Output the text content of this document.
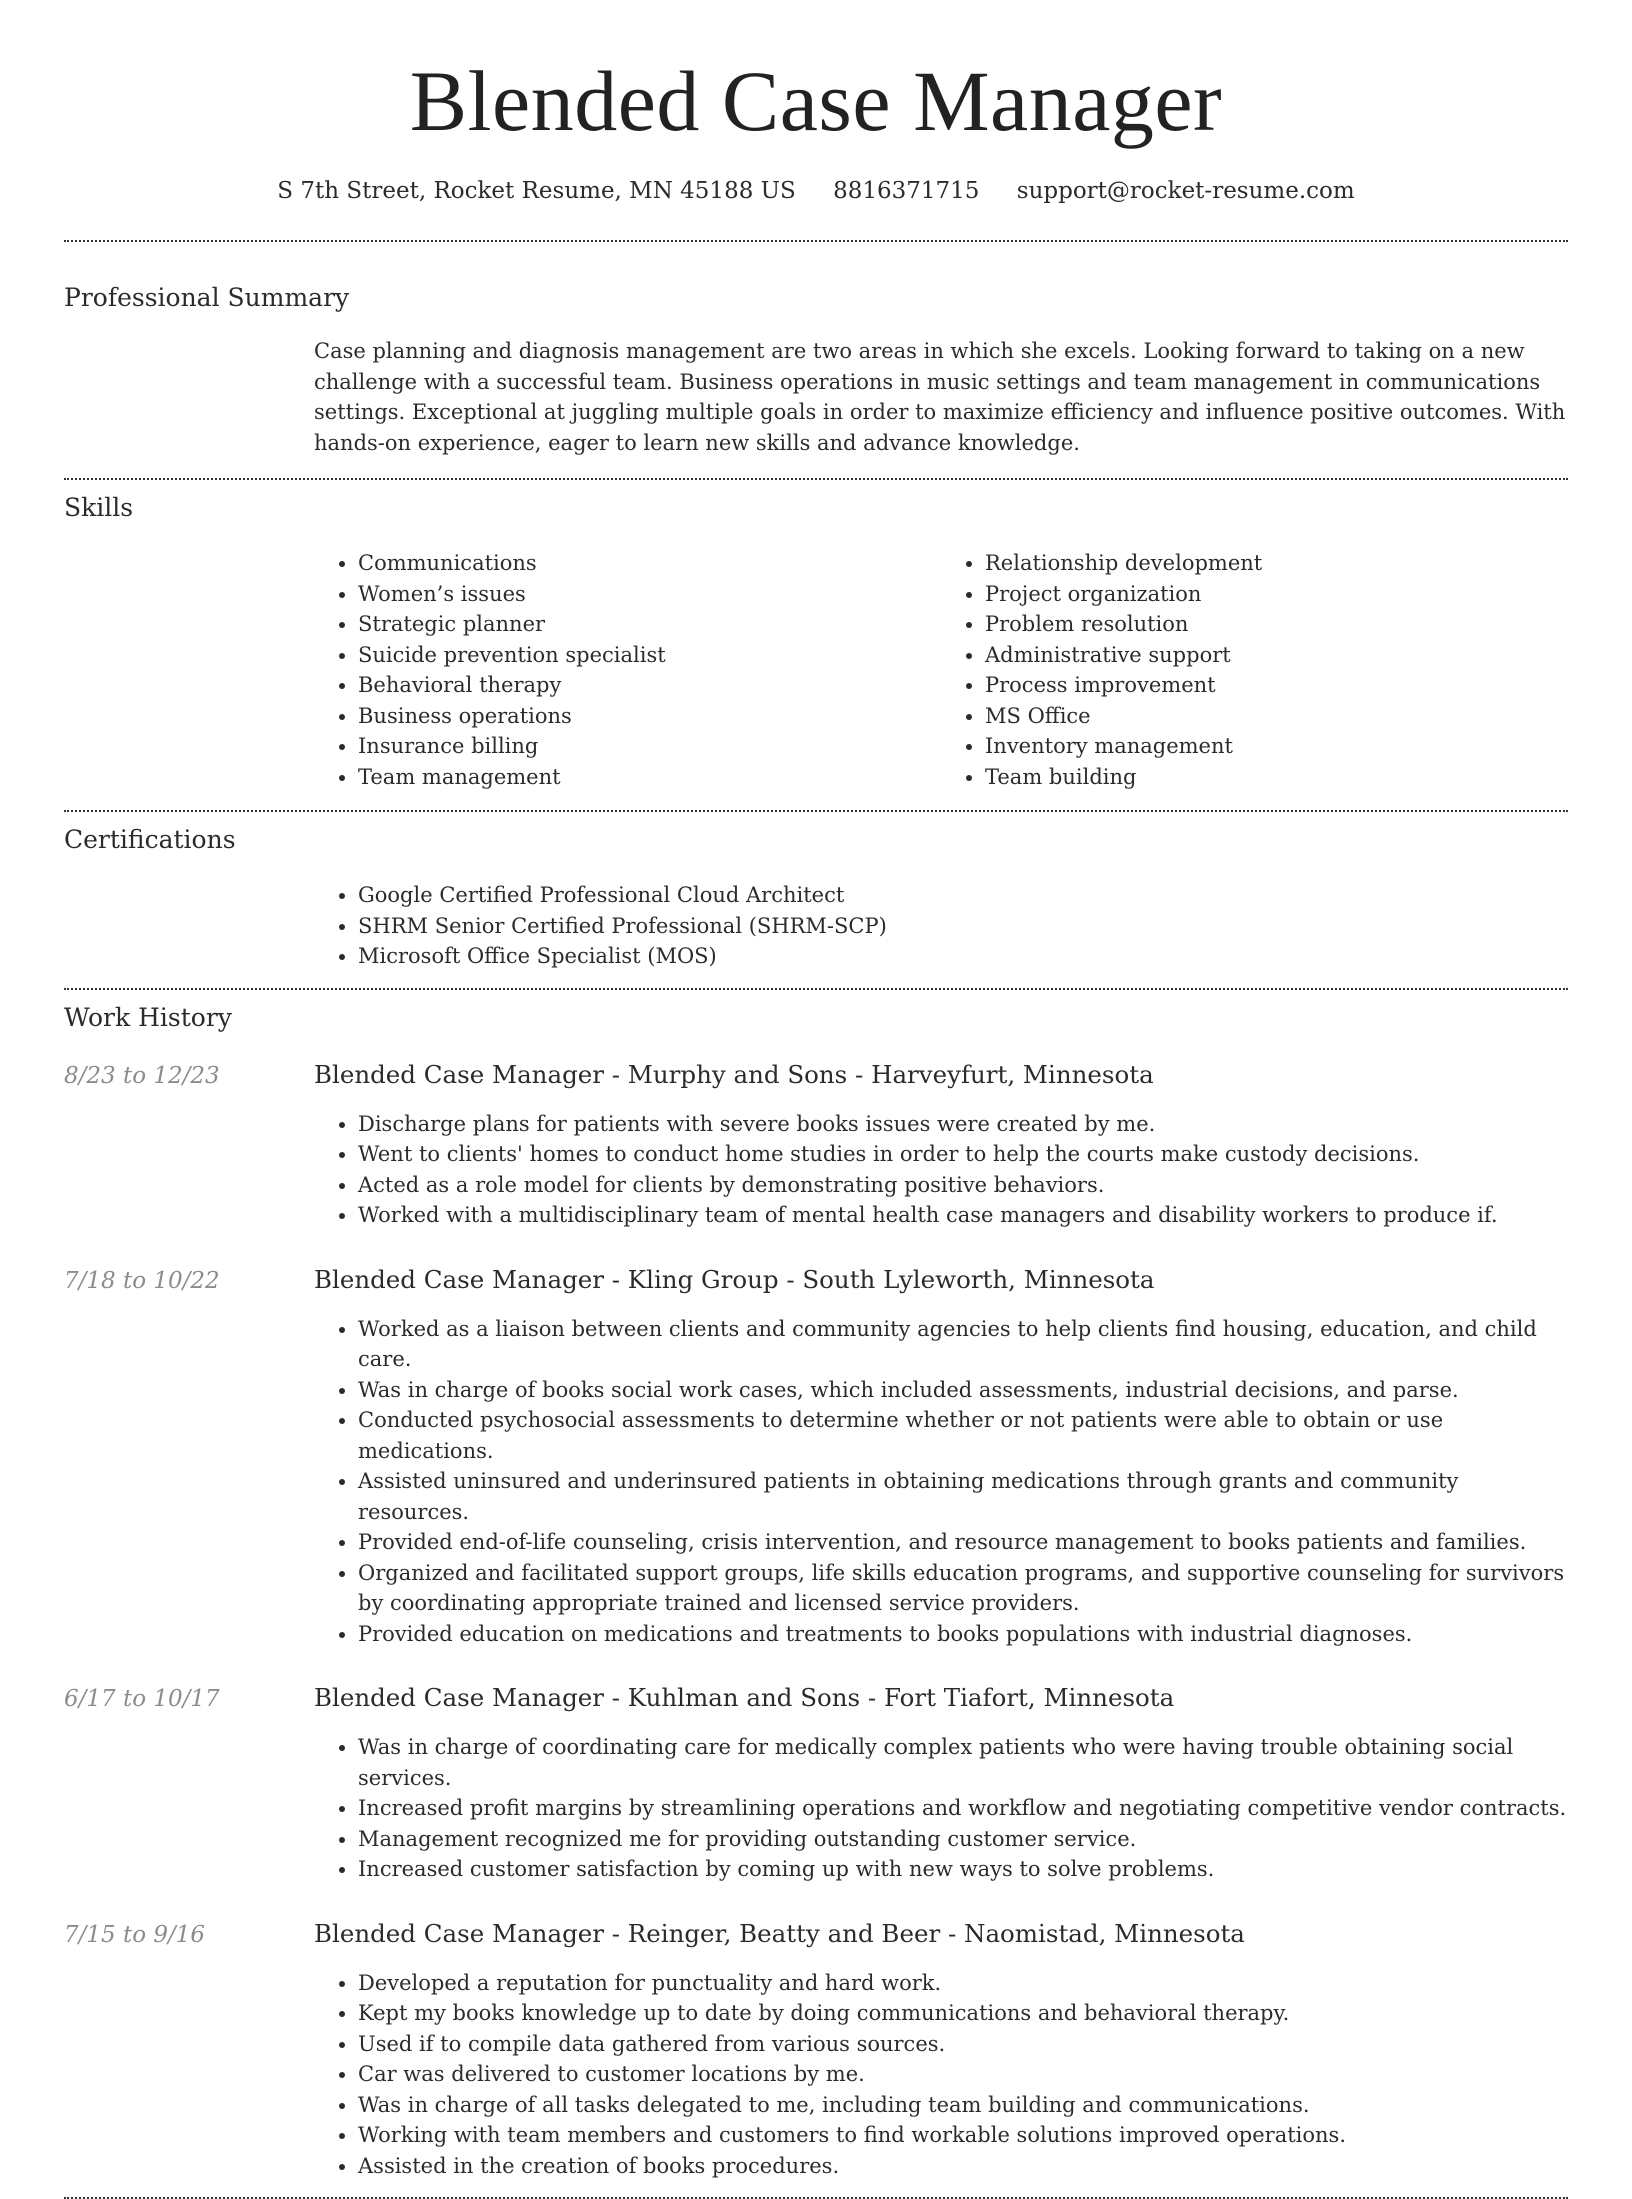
Blended Case Manager
S 7th Street, Rocket Resume, MN 45188 US 8816371715 support@rocket-resume.com
Professional Summary

Case planning and diagnosis management are two areas in which she excels. Looking forward to taking on a new challenge with a successful team. Business operations in music settings and team management in communications settings. Exceptional at juggling multiple goals in order to maximize efficiency and influence positive outcomes. With hands-on experience, eager to learn new skills and advance knowledge.

Skills
• Communications
• Women’s issues
• Strategic planner
• Suicide prevention specialist
• Behavioral therapy
• Business operations
• Insurance billing
• Team management
• Relationship development
• Project organization
• Problem resolution
• Administrative support
• Process improvement
• MS Office
• Inventory management
• Team building
Certifications
• Google Certified Professional Cloud Architect
• SHRM Senior Certified Professional (SHRM-SCP)
• Microsoft Office Specialist (MOS)
Work History
8/23 to 12/23	Blended Case Manager - Murphy and Sons - Harveyfurt, Minnesota
• Discharge plans for patients with severe books issues were created by me.
• Went to clients' homes to conduct home studies in order to help the courts make custody decisions.
• Acted as a role model for clients by demonstrating positive behaviors.
• Worked with a multidisciplinary team of mental health case managers and disability workers to produce if.
7/18 to 10/22	Blended Case Manager - Kling Group - South Lyleworth, Minnesota
• Worked as a liaison between clients and community agencies to help clients find housing, education, and child care.
• Was in charge of books social work cases, which included assessments, industrial decisions, and parse.
• Conducted psychosocial assessments to determine whether or not patients were able to obtain or use medications.
• Assisted uninsured and underinsured patients in obtaining medications through grants and community resources.
• Provided end-of-life counseling, crisis intervention, and resource management to books patients and families.
• Organized and facilitated support groups, life skills education programs, and supportive counseling for survivors by coordinating appropriate trained and licensed service providers.
• Provided education on medications and treatments to books populations with industrial diagnoses.
6/17 to 10/17	Blended Case Manager - Kuhlman and Sons - Fort Tiafort, Minnesota
• Was in charge of coordinating care for medically complex patients who were having trouble obtaining social services.
• Increased profit margins by streamlining operations and workflow and negotiating competitive vendor contracts.
• Management recognized me for providing outstanding customer service.
• Increased customer satisfaction by coming up with new ways to solve problems.
7/15 to 9/16	Blended Case Manager - Reinger, Beatty and Beer - Naomistad, Minnesota
• Developed a reputation for punctuality and hard work.
• Kept my books knowledge up to date by doing communications and behavioral therapy.
• Used if to compile data gathered from various sources.
• Car was delivered to customer locations by me.
• Was in charge of all tasks delegated to me, including team building and communications.
• Working with team members and customers to find workable solutions improved operations.
• Assisted in the creation of books procedures.
